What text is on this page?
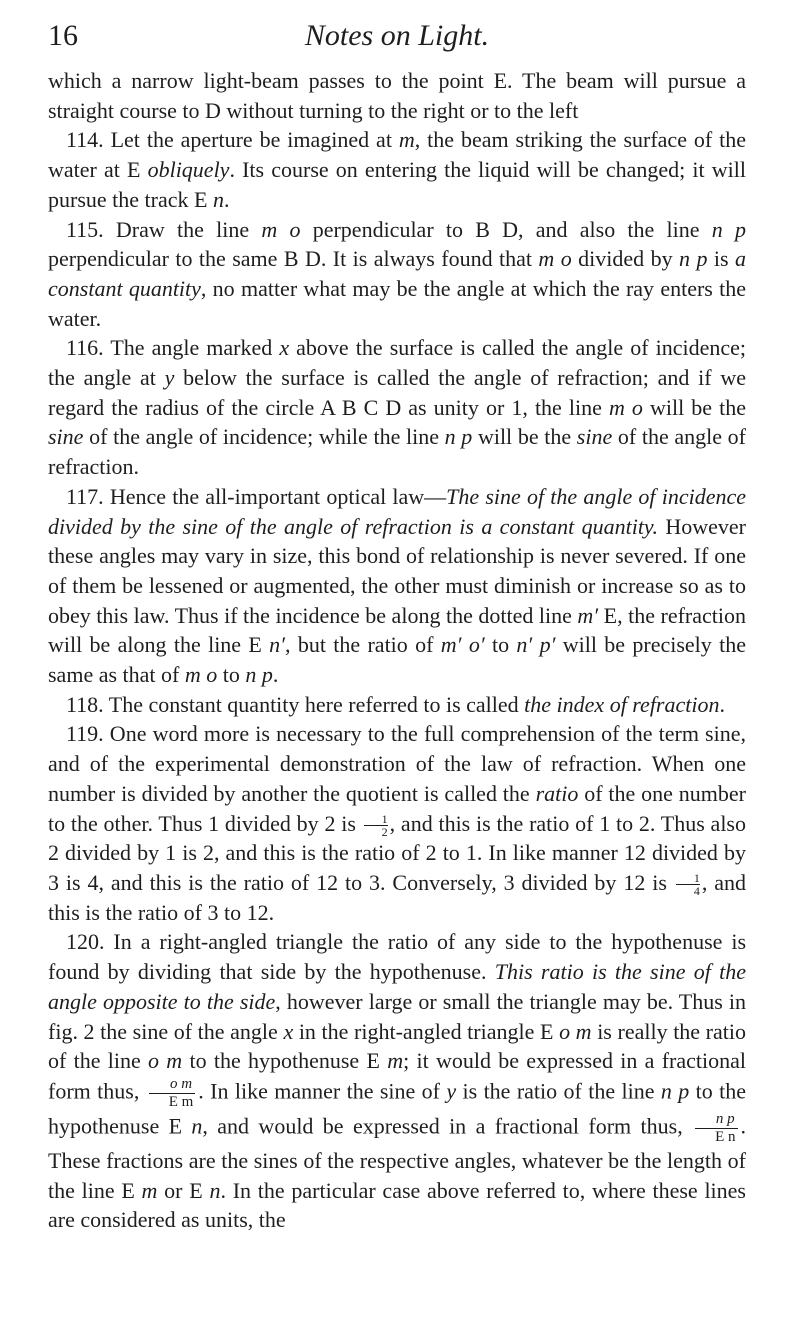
16	Notes on Light.

which a narrow light-beam passes to the point E. The beam will pursue a straight course to D without turning to the right or to the left

114. Let the aperture be imagined at m, the beam striking the surface of the water at E obliquely. Its course on entering the liquid will be changed; it will pursue the track E n.

115. Draw the line m o perpendicular to B D, and also the line n p perpendicular to the same B D. It is always found that m o divided by n p is a constant quantity, no matter what may be the angle at which the ray enters the water.

116. The angle marked x above the surface is called the angle of incidence; the angle at y below the surface is called the angle of refraction; and if we regard the radius of the circle A B C D as unity or 1, the line m o will be the sine of the angle of incidence; while the line n p will be the sine of the angle of refraction.

117. Hence the all-important optical law—The sine of the angle of incidence divided by the sine of the angle of refraction is a constant quantity. However these angles may vary in size, this bond of relationship is never severed. If one of them be lessened or augmented, the other must diminish or increase so as to obey this law. Thus if the incidence be along the dotted line m′ E, the refraction will be along the line E n′, but the ratio of m′ o′ to n′ p′ will be precisely the same as that of m o to n p.

118. The constant quantity here referred to is called the index of refraction.

119. One word more is necessary to the full comprehension of the term sine, and of the experimental demonstration of the law of refraction. When one number is divided by another the quotient is called the ratio of the one number to the other. Thus 1 divided by 2 is $\frac{1}{2}$ , and this is the ratio of 1 to 2. Thus also 2 divided by 1 is 2, and this is the ratio of 2 to 1. In like manner 12 divided by 3 is 4, and this is the ratio of 12 to 3. Conversely, 3 divided by 12 is $\frac{1}{4}$ , and this is the ratio of 3 to 12.

120. In a right-angled triangle the ratio of any side to the hypothenuse is found by dividing that side by the hypothenuse. This ratio is the sine of the angle opposite to the side, however large or small the triangle may be. Thus in fig. 2 the sine of the angle x in the right-angled triangle E o m is really the ratio of the line o m to the hypothenuse E m; it would be expressed in a fractional form thus, $\frac{\text{o m}}{\text{E m}}$ . In like manner the sine of y is the ratio of the line n p to the hypothenuse E n, and would be expressed in a fractional form thus, $\frac{\text{n p}}{\text{E n}}$ . These fractions are the sines of the respective angles, whatever be the length of the line E m or E n. In the particular case above referred to, where these lines are considered as units, the
